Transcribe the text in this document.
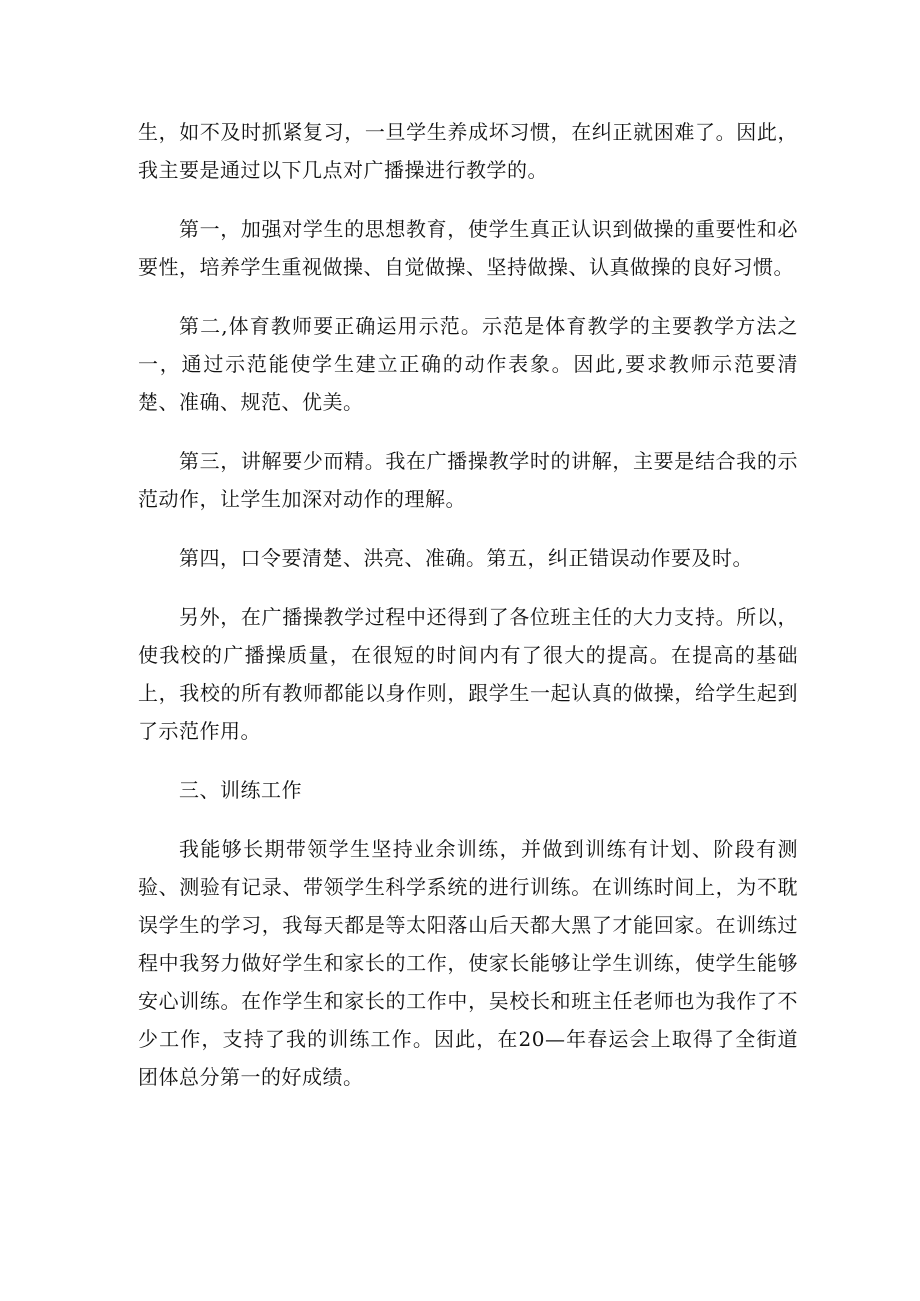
生，如不及时抓紧复习，一旦学生养成坏习惯，在纠正就困难了。因此，我主要是通过以下几点对广播操进行教学的。

第一，加强对学生的思想教育，使学生真正认识到做操的重要性和必要性，培养学生重视做操、自觉做操、坚持做操、认真做操的良好习惯。

第二,体育教师要正确运用示范。示范是体育教学的主要教学方法之一，通过示范能使学生建立正确的动作表象。因此,要求教师示范要清楚、准确、规范、优美。

第三，讲解要少而精。我在广播操教学时的讲解，主要是结合我的示范动作，让学生加深对动作的理解。

第四，口令要清楚、洪亮、准确。第五，纠正错误动作要及时。

另外，在广播操教学过程中还得到了各位班主任的大力支持。所以，使我校的广播操质量，在很短的时间内有了很大的提高。在提高的基础上，我校的所有教师都能以身作则，跟学生一起认真的做操，给学生起到了示范作用。

三、训练工作

我能够长期带领学生坚持业余训练，并做到训练有计划、阶段有测验、测验有记录、带领学生科学系统的进行训练。在训练时间上，为不耽误学生的学习，我每天都是等太阳落山后天都大黑了才能回家。在训练过程中我努力做好学生和家长的工作，使家长能够让学生训练，使学生能够安心训练。在作学生和家长的工作中，吴校长和班主任老师也为我作了不少工作，支持了我的训练工作。因此，在20—年春运会上取得了全街道团体总分第一的好成绩。
